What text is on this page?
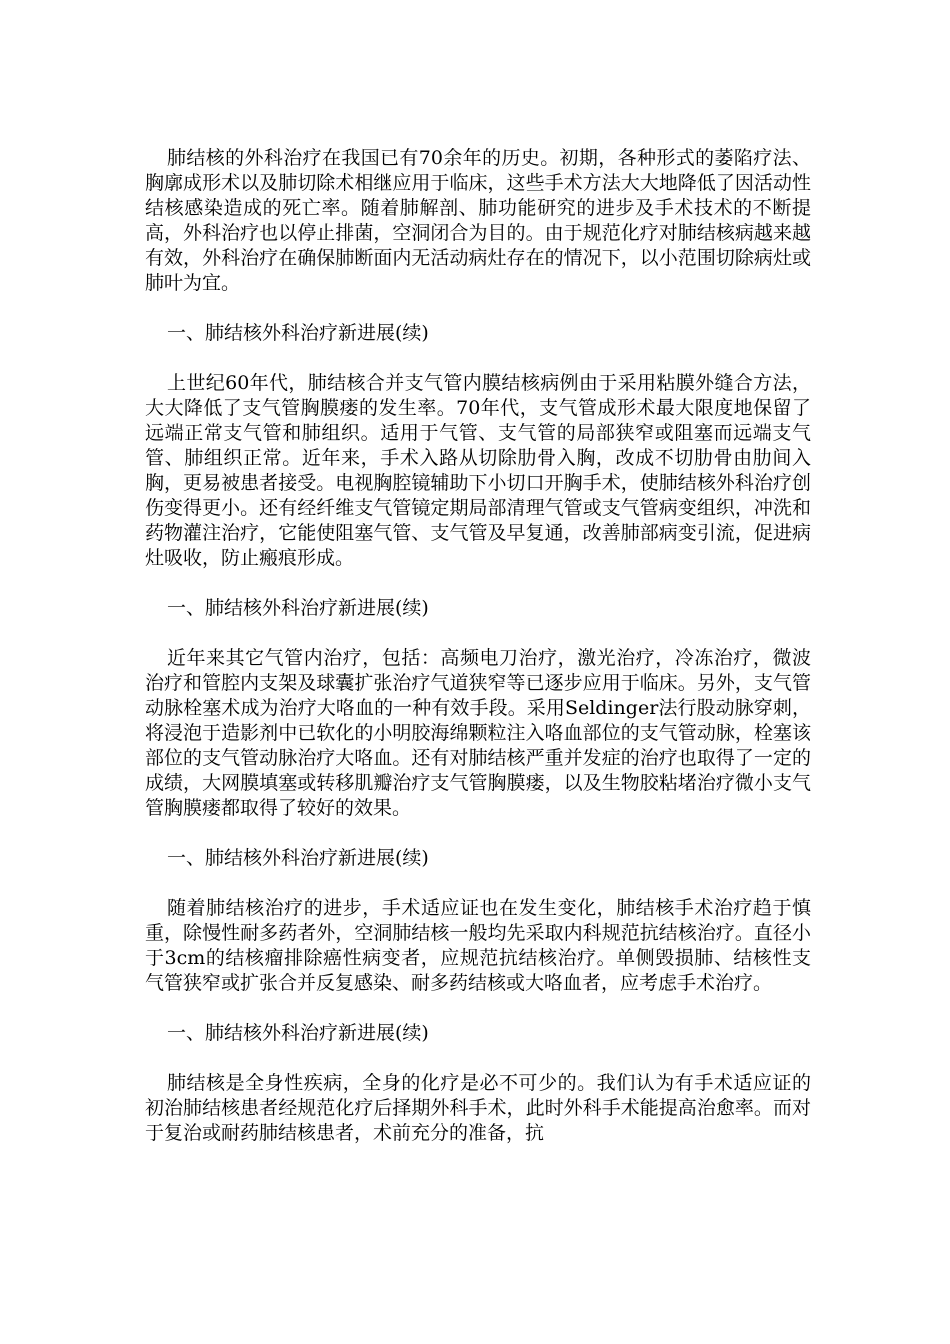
肺结核的外科治疗在我国已有70余年的历史。初期，各种形式的萎陷疗法、胸廓成形术以及肺切除术相继应用于临床，这些手术方法大大地降低了因活动性结核感染造成的死亡率。随着肺解剖、肺功能研究的进步及手术技术的不断提高，外科治疗也以停止排菌，空洞闭合为目的。由于规范化疗对肺结核病越来越有效，外科治疗在确保肺断面内无活动病灶存在的情况下，以小范围切除病灶或肺叶为宜。

一、肺结核外科治疗新进展(续)

上世纪60年代，肺结核合并支气管内膜结核病例由于采用粘膜外缝合方法，大大降低了支气管胸膜瘘的发生率。70年代，支气管成形术最大限度地保留了远端正常支气管和肺组织。适用于气管、支气管的局部狭窄或阻塞而远端支气管、肺组织正常。近年来，手术入路从切除肋骨入胸，改成不切肋骨由肋间入胸，更易被患者接受。电视胸腔镜辅助下小切口开胸手术，使肺结核外科治疗创伤变得更小。还有经纤维支气管镜定期局部清理气管或支气管病变组织，冲洗和药物灌注治疗，它能使阻塞气管、支气管及早复通，改善肺部病变引流，促进病灶吸收，防止瘢痕形成。

一、肺结核外科治疗新进展(续)

近年来其它气管内治疗，包括：高频电刀治疗，激光治疗，冷冻治疗，微波治疗和管腔内支架及球囊扩张治疗气道狭窄等已逐步应用于临床。另外，支气管动脉栓塞术成为治疗大咯血的一种有效手段。采用Seldinger法行股动脉穿刺，将浸泡于造影剂中已软化的小明胶海绵颗粒注入咯血部位的支气管动脉，栓塞该部位的支气管动脉治疗大咯血。还有对肺结核严重并发症的治疗也取得了一定的成绩，大网膜填塞或转移肌瓣治疗支气管胸膜瘘，以及生物胶粘堵治疗微小支气管胸膜瘘都取得了较好的效果。

一、肺结核外科治疗新进展(续)

随着肺结核治疗的进步，手术适应证也在发生变化，肺结核手术治疗趋于慎重，除慢性耐多药者外，空洞肺结核一般均先采取内科规范抗结核治疗。直径小于3cm的结核瘤排除癌性病变者，应规范抗结核治疗。单侧毁损肺、结核性支气管狭窄或扩张合并反复感染、耐多药结核或大咯血者，应考虑手术治疗。

一、肺结核外科治疗新进展(续)

肺结核是全身性疾病，全身的化疗是必不可少的。我们认为有手术适应证的初治肺结核患者经规范化疗后择期外科手术，此时外科手术能提高治愈率。而对于复治或耐药肺结核患者，术前充分的准备，抗
